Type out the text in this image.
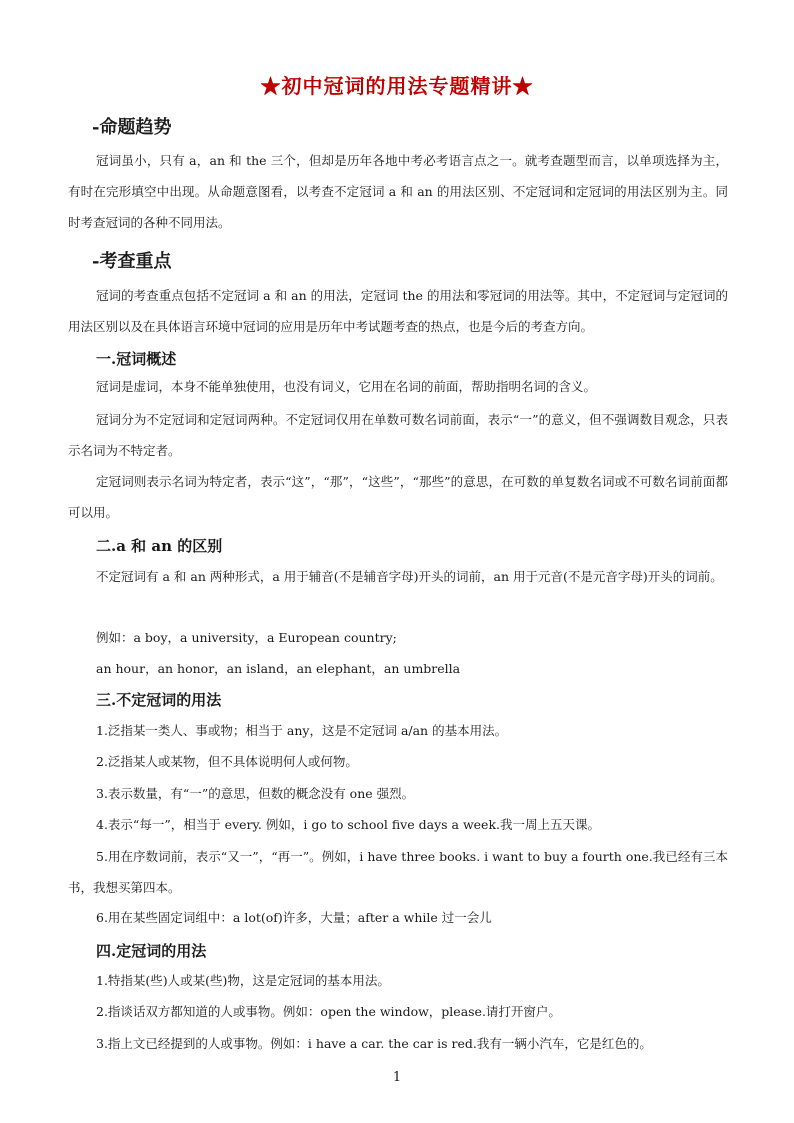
★初中冠词的用法专题精讲★
-命题趋势

冠词虽小，只有 a，an 和 the 三个，但却是历年各地中考必考语言点之一。就考查题型而言，以单项选择为主，有时在完形填空中出现。从命题意图看，以考查不定冠词 a 和 an 的用法区别、不定冠词和定冠词的用法区别为主。同时考查冠词的各种不同用法。

-考查重点

冠词的考查重点包括不定冠词 a 和 an 的用法，定冠词 the 的用法和零冠词的用法等。其中，不定冠词与定冠词的用法区别以及在具体语言环境中冠词的应用是历年中考试题考查的热点，也是今后的考查方向。

一.冠词概述

冠词是虚词，本身不能单独使用，也没有词义，它用在名词的前面，帮助指明名词的含义。

冠词分为不定冠词和定冠词两种。不定冠词仅用在单数可数名词前面，表示“一”的意义，但不强调数目观念，只表示名词为不特定者。

定冠词则表示名词为特定者，表示“这”，“那”，“这些”，“那些”的意思，在可数的单复数名词或不可数名词前面都可以用。

二.a 和 an 的区别

不定冠词有 a 和 an 两种形式，a 用于辅音(不是辅音字母)开头的词前，an 用于元音(不是元音字母)开头的词前。

例如：a boy，a university，a European country;

an hour，an honor，an island，an elephant，an umbrella

三.不定冠词的用法

1.泛指某一类人、事或物；相当于 any，这是不定冠词 a/an 的基本用法。

2.泛指某人或某物，但不具体说明何人或何物。

3.表示数量，有“一”的意思，但数的概念没有 one 强烈。

4.表示“每一”，相当于 every. 例如，i go to school five days a week.我一周上五天课。

5.用在序数词前，表示“又一”，“再一”。例如，i have three books. i want to buy a fourth one.我已经有三本书，我想买第四本。

6.用在某些固定词组中：a lot(of)许多，大量；after a while 过一会儿

四.定冠词的用法

1.特指某(些)人或某(些)物，这是定冠词的基本用法。

2.指谈话双方都知道的人或事物。例如：open the window，please.请打开窗户。

3.指上文已经提到的人或事物。例如：i have a car. the car is red.我有一辆小汽车，它是红色的。

1
